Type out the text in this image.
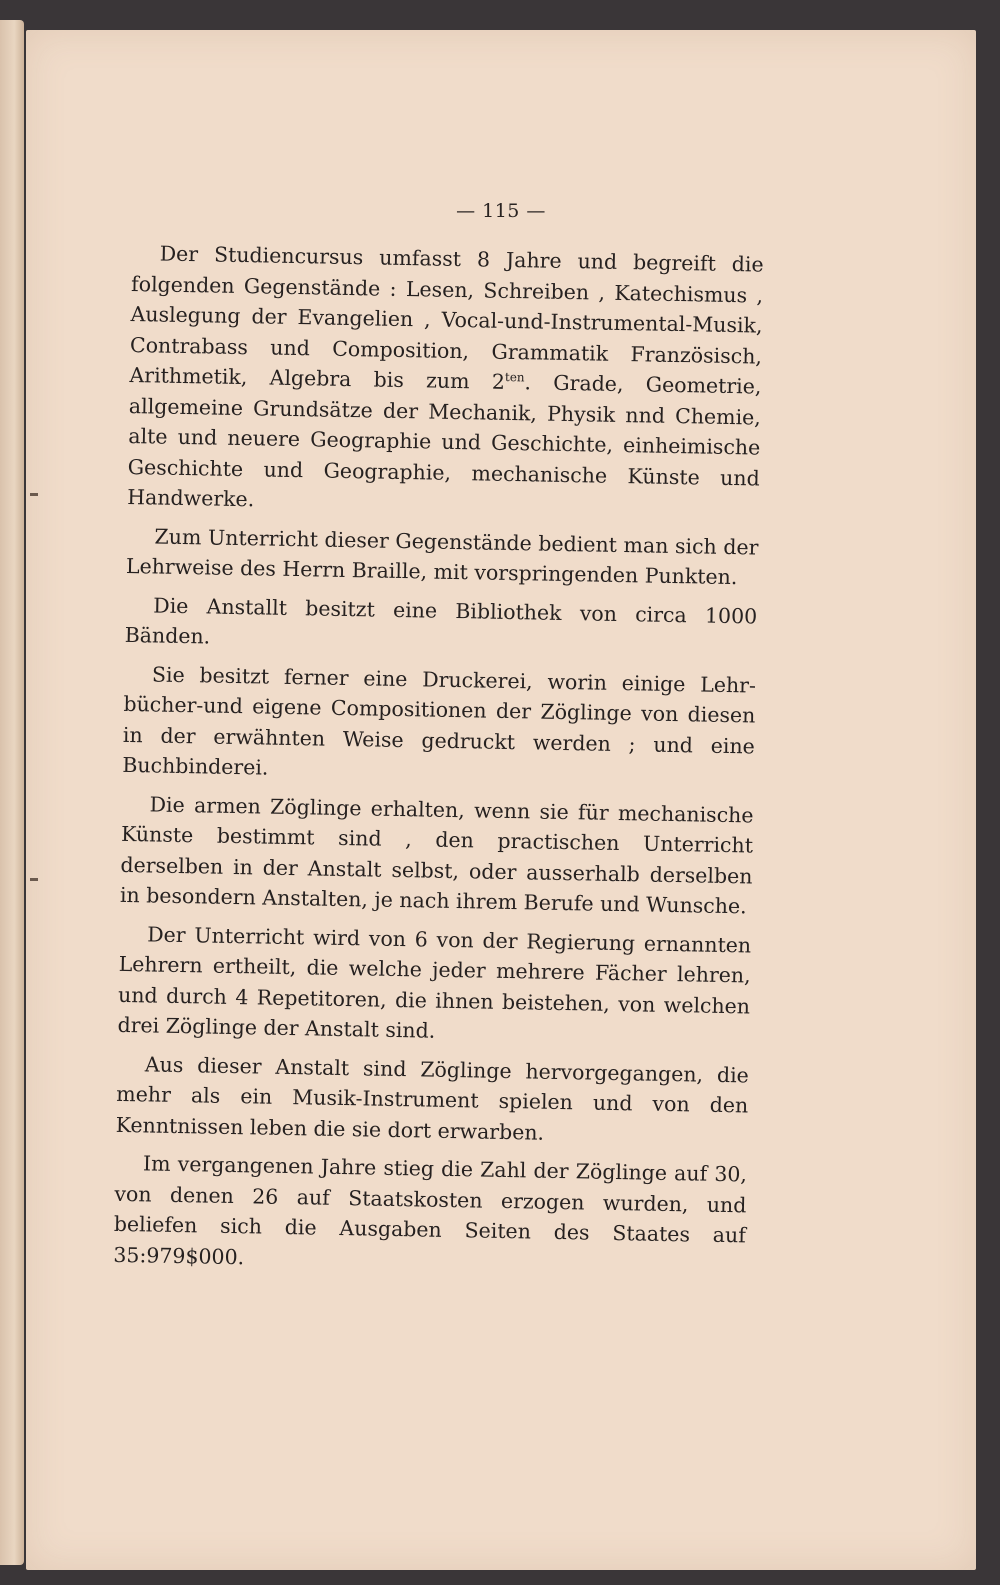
— 115 —

Der Studiencursus umfasst 8 Jahre und begreift die folgenden Gegenstände : Lesen, Schreiben , Katechismus , Auslegung der Evangelien , Vocal-und-Instrumental-Musik, Contrabass und Composition, Grammatik Französisch, Arithmetik, Algebra bis zum $2^{ten}$. Grade, Geometrie, allgemeine Grundsätze der Mechanik, Physik nnd Chemie, alte und neuere Geographie und Geschichte, einheimische Geschichte und Geographie, mechanische Künste und Handwerke.

Zum Unterricht dieser Gegenstände bedient man sich der Lehrweise des Herrn Braille, mit vorspringenden Punkten.

Die Anstallt besitzt eine Bibliothek von circa 1000 Bänden.

Sie besitzt ferner eine Druckerei, worin einige Lehrbücher-und eigene Compositionen der Zöglinge von diesen in der erwähnten Weise gedruckt werden ; und eine Buchbinderei.

Die armen Zöglinge erhalten, wenn sie für mechanische Künste bestimmt sind , den practischen Unterricht derselben in der Anstalt selbst, oder ausserhalb derselben in besondern Anstalten, je nach ihrem Berufe und Wunsche.

Der Unterricht wird von 6 von der Regierung ernannten Lehrern ertheilt, die welche jeder mehrere Fächer lehren, und durch 4 Repetitoren, die ihnen beistehen, von welchen drei Zöglinge der Anstalt sind.

Aus dieser Anstalt sind Zöglinge hervorgegangen, die mehr als ein Musik-Instrument spielen und von den Kenntnissen leben die sie dort erwarben.

Im vergangenen Jahre stieg die Zahl der Zöglinge auf 30, von denen 26 auf Staatskosten erzogen wurden, und beliefen sich die Ausgaben Seiten des Staates auf 35:979$000.
